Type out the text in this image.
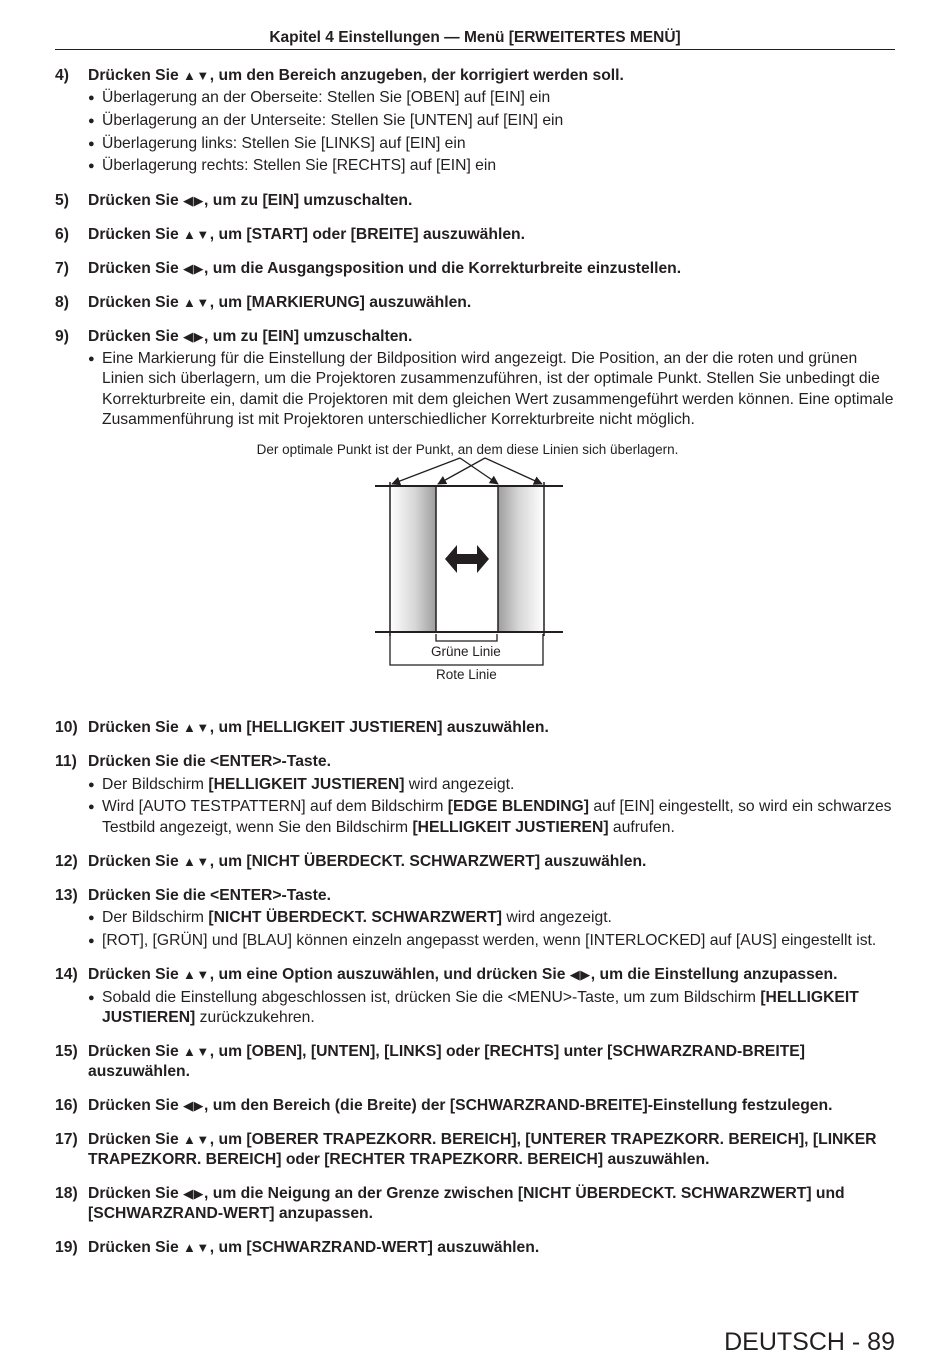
Kapitel 4 Einstellungen — Menü [ERWEITERTES MENÜ]
4)	Drücken Sie ▲▼, um den Bereich anzugeben, der korrigiert werden soll.
● Überlagerung an der Oberseite: Stellen Sie [OBEN] auf [EIN] ein
● Überlagerung an der Unterseite: Stellen Sie [UNTEN] auf [EIN] ein
● Überlagerung links: Stellen Sie [LINKS] auf [EIN] ein
● Überlagerung rechts: Stellen Sie [RECHTS] auf [EIN] ein
5)	Drücken Sie ◀▶, um zu [EIN] umzuschalten.
6)	Drücken Sie ▲▼, um [START] oder [BREITE] auszuwählen.
7)	Drücken Sie ◀▶, um die Ausgangsposition und die Korrekturbreite einzustellen.
8)	Drücken Sie ▲▼, um [MARKIERUNG] auszuwählen.
9)	Drücken Sie ◀▶, um zu [EIN] umzuschalten.
● Eine Markierung für die Einstellung der Bildposition wird angezeigt. Die Position, an der die roten und grünen Linien sich überlagern, um die Projektoren zusammenzuführen, ist der optimale Punkt. Stellen Sie unbedingt die Korrekturbreite ein, damit die Projektoren mit dem gleichen Wert zusammengeführt werden können. Eine optimale Zusammenführung ist mit Projektoren unterschiedlicher Korrekturbreite nicht möglich.
Der optimale Punkt ist der Punkt, an dem diese Linien sich überlagern.
Grüne Linie
Rote Linie
10) Drücken Sie ▲▼, um [HELLIGKEIT JUSTIEREN] auszuwählen.
11) Drücken Sie die <ENTER>-Taste.
● Der Bildschirm [HELLIGKEIT JUSTIEREN] wird angezeigt.
● Wird [AUTO TESTPATTERN] auf dem Bildschirm [EDGE BLENDING] auf [EIN] eingestellt, so wird ein schwarzes Testbild angezeigt, wenn Sie den Bildschirm [HELLIGKEIT JUSTIEREN] aufrufen.
12) Drücken Sie ▲▼, um [NICHT ÜBERDECKT. SCHWARZWERT] auszuwählen.
13) Drücken Sie die <ENTER>-Taste.
● Der Bildschirm [NICHT ÜBERDECKT. SCHWARZWERT] wird angezeigt.
● [ROT], [GRÜN] und [BLAU] können einzeln angepasst werden, wenn [INTERLOCKED] auf [AUS] eingestellt ist.
14) Drücken Sie ▲▼, um eine Option auszuwählen, und drücken Sie ◀▶, um die Einstellung anzupassen.
● Sobald die Einstellung abgeschlossen ist, drücken Sie die <MENU>-Taste, um zum Bildschirm [HELLIGKEIT JUSTIEREN] zurückzukehren.
15) Drücken Sie ▲▼, um [OBEN], [UNTEN], [LINKS] oder [RECHTS] unter [SCHWARZRAND-BREITE] auszuwählen.
16) Drücken Sie ◀▶, um den Bereich (die Breite) der [SCHWARZRAND-BREITE]-Einstellung festzulegen.
17) Drücken Sie ▲▼, um [OBERER TRAPEZKORR. BEREICH], [UNTERER TRAPEZKORR. BEREICH], [LINKER TRAPEZKORR. BEREICH] oder [RECHTER TRAPEZKORR. BEREICH] auszuwählen.
18) Drücken Sie ◀▶, um die Neigung an der Grenze zwischen [NICHT ÜBERDECKT. SCHWARZWERT] und [SCHWARZRAND-WERT] anzupassen.
19) Drücken Sie ▲▼, um [SCHWARZRAND-WERT] auszuwählen.
DEUTSCH - 89
